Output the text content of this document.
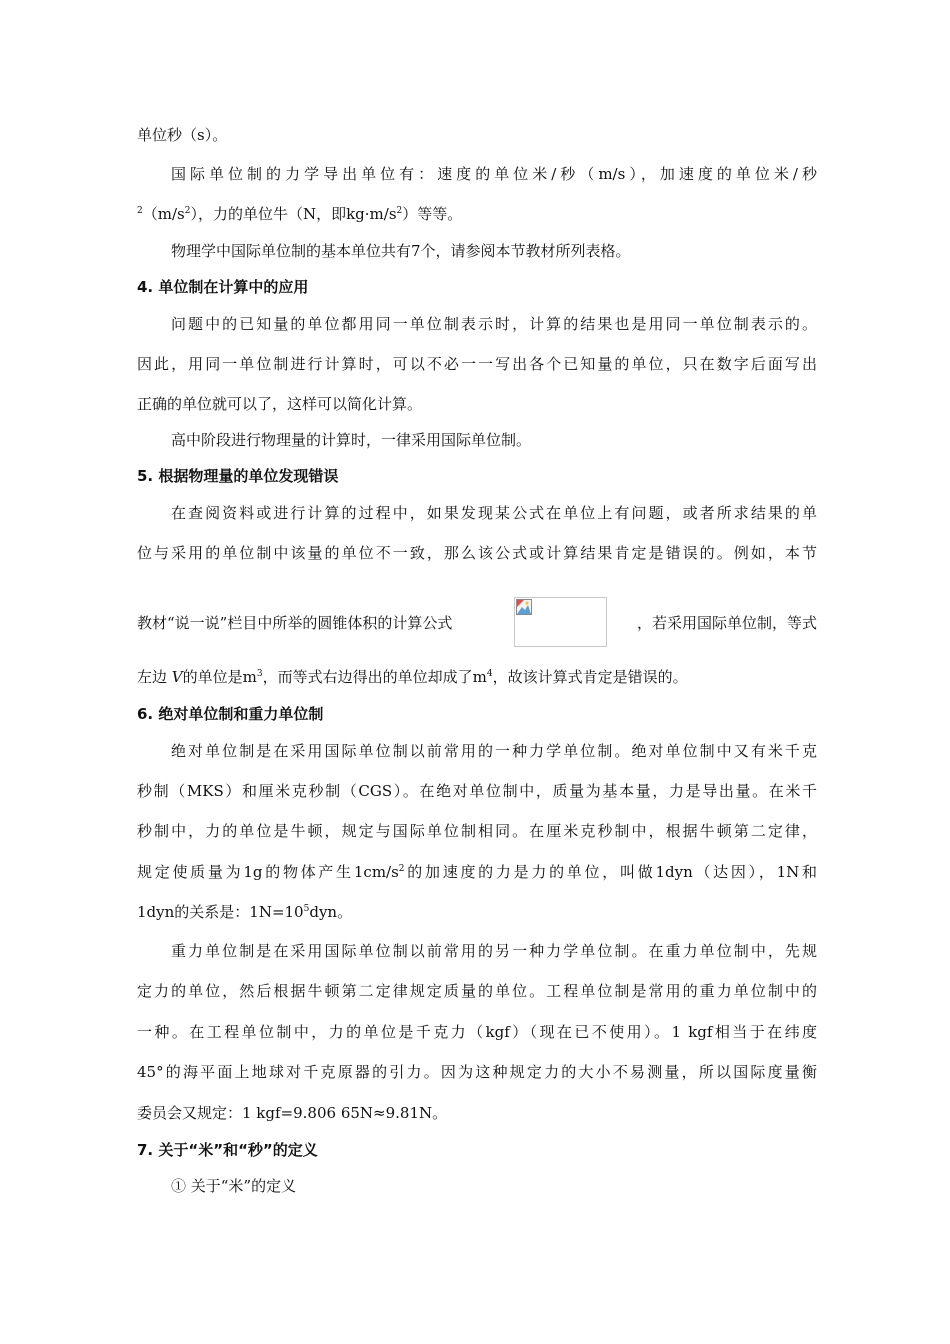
单位秒（s）。
国际单位制的力学导出单位有：速度的单位米/秒（m/s），加速度的单位米/秒
$^2(m/s^2)$，力的单位牛（N，即$kg\cdot m/s^2$）等等。
物理学中国际单位制的基本单位共有7个，请参阅本节教材所列表格。
4. 单位制在计算中的应用
问题中的已知量的单位都用同一单位制表示时，计算的结果也是用同一单位制表示的。
因此，用同一单位制进行计算时，可以不必一一写出各个已知量的单位，只在数字后面写出
正确的单位就可以了，这样可以简化计算。
高中阶段进行物理量的计算时，一律采用国际单位制。
5. 根据物理量的单位发现错误
在查阅资料或进行计算的过程中，如果发现某公式在单位上有问题，或者所求结果的单
位与采用的单位制中该量的单位不一致，那么该公式或计算结果肯定是错误的。例如，本节
教材“说一说”栏目中所举的圆锥体积的计算公式	，若采用国际单位制，等式
左边 V的单位是$m^3$，而等式右边得出的单位却成了$m^4$，故该计算式肯定是错误的。
6. 绝对单位制和重力单位制
绝对单位制是在采用国际单位制以前常用的一种力学单位制。绝对单位制中又有米千克
秒制（MKS）和厘米克秒制（CGS）。在绝对单位制中，质量为基本量，力是导出量。在米千
秒制中，力的单位是牛顿，规定与国际单位制相同。在厘米克秒制中，根据牛顿第二定律，
规定使质量为1g的物体产生$1cm/s^2$的加速度的力是力的单位，叫做1dyn（达因），1N和
1dyn的关系是：$1N=10^5dyn$。
重力单位制是在采用国际单位制以前常用的另一种力学单位制。在重力单位制中，先规
定力的单位，然后根据牛顿第二定律规定质量的单位。工程单位制是常用的重力单位制中的
一种。在工程单位制中，力的单位是千克力（kgf）（现在已不使用）。1 kgf相当于在纬度
45°的海平面上地球对千克原器的引力。因为这种规定力的大小不易测量，所以国际度量衡
委员会又规定：1 kgf=9.806 65N≈9.81N。
7. 关于“米”和“秒”的定义
① 关于“米”的定义
